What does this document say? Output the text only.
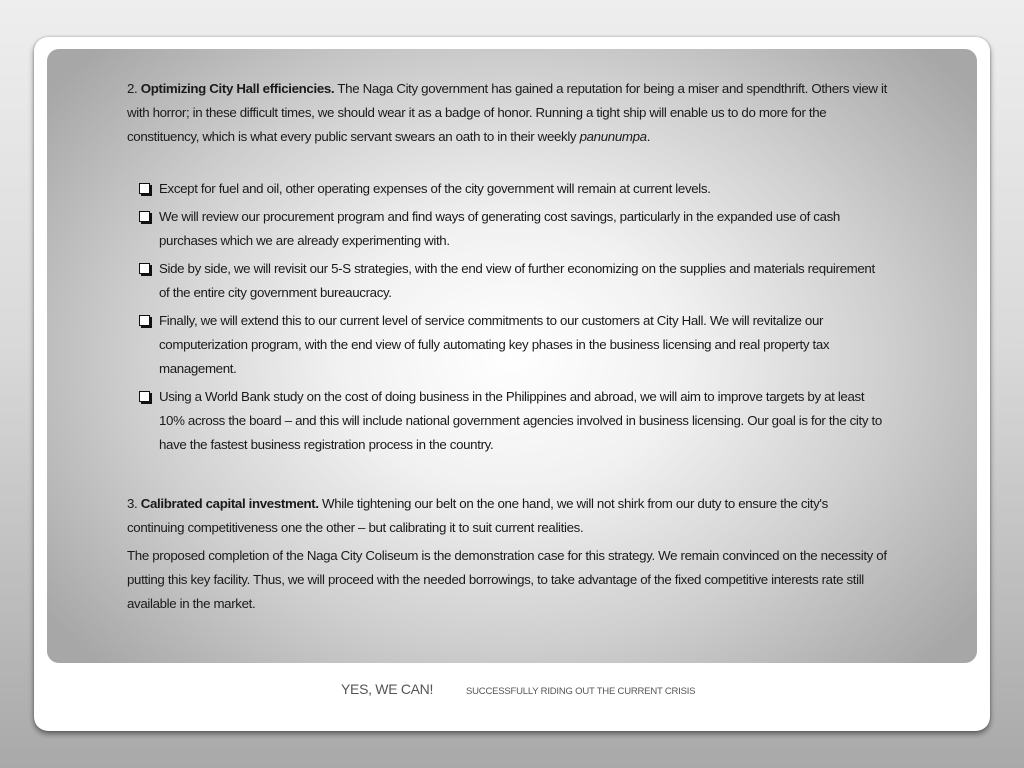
2. Optimizing City Hall efficiencies. The Naga City government has gained a reputation for being a miser and spendthrift. Others view it with horror; in these difficult times, we should wear it as a badge of honor. Running a tight ship will enable us to do more for the constituency, which is what every public servant swears an oath to in their weekly panunumpa.

Except for fuel and oil, other operating expenses of the city government will remain at current levels.
We will review our procurement program and find ways of generating cost savings, particularly in the expanded use of cash purchases which we are already experimenting with.
Side by side, we will revisit our 5-S strategies, with the end view of further economizing on the supplies and materials requirement of the entire city government bureaucracy.
Finally, we will extend this to our current level of service commitments to our customers at City Hall. We will revitalize our computerization program, with the end view of fully automating key phases in the business licensing and real property tax management.
Using a World Bank study on the cost of doing business in the Philippines and abroad, we will aim to improve targets by at least 10% across the board – and this will include national government agencies involved in business licensing. Our goal is for the city to have the fastest business registration process in the country.

3. Calibrated capital investment. While tightening our belt on the one hand, we will not shirk from our duty to ensure the city's continuing competitiveness one the other – but calibrating it to suit current realities.

The proposed completion of the Naga City Coliseum is the demonstration case for this strategy. We remain convinced on the necessity of putting this key facility. Thus, we will proceed with the needed borrowings, to take advantage of the fixed competitive interests rate still available in the market.

YES, WE CAN!	SUCCESSFULLY RIDING OUT THE CURRENT CRISIS
